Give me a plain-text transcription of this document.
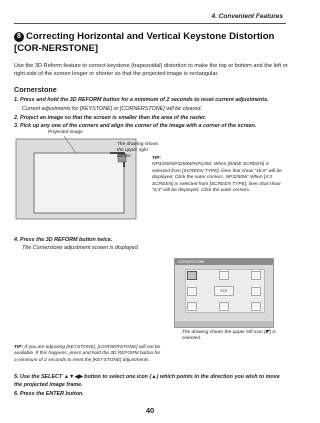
4. Convenient Features
8 Correcting Horizontal and Vertical Keystone Distortion [COR-NERSTONE]
Use the 3D Reform feature to correct keystone (trapezoidal) distortion to make the top or bottom and the left or right side of the screen longer or shorter so that the projected image is rectangular.
Cornerstone
1. Press and hold the 3D REFORM button for a minimum of 2 seconds to reset current adjustments.
Current adjustments for [KEYSTONE] or [CORNERSTONE] will be cleared.
2. Project an image so that the screen is smaller than the area of the raster.
3. Pick up any one of the corners and align the corner of the image with a corner of the screen.
Projected image
The drawing shows the upper right corner.	TIP:
NP3250/NP3250W/NP1250: When [WIDE SCREEN] is selected from [SCREEN TYPE], lines that show "16:9" will be displayed. Click the outer corners. NP3250W: When [4:3 SCREEN] is selected from [SCREEN TYPE], lines that show "4:3" will be displayed. Click the outer corners.
4. Press the 3D REFORM button twice.
The Cornerstone adjustment screen is displayed.
CORNERSTONE
EXIT
The drawing shows the upper left icon (◤) is selected.
TIP: If you are adjusting [KEYSTONE], [CORNERSTONE] will not be available. If this happens, press and hold the 3D REFORM button for a minimum of 2 seconds to reset the [KEYSTONE] adjustments.
5. Use the SELECT ▲▼◀▶ button to select one icon (▲) which points in the direction you wish to move the projected image frame.
6. Press the ENTER button.
40
